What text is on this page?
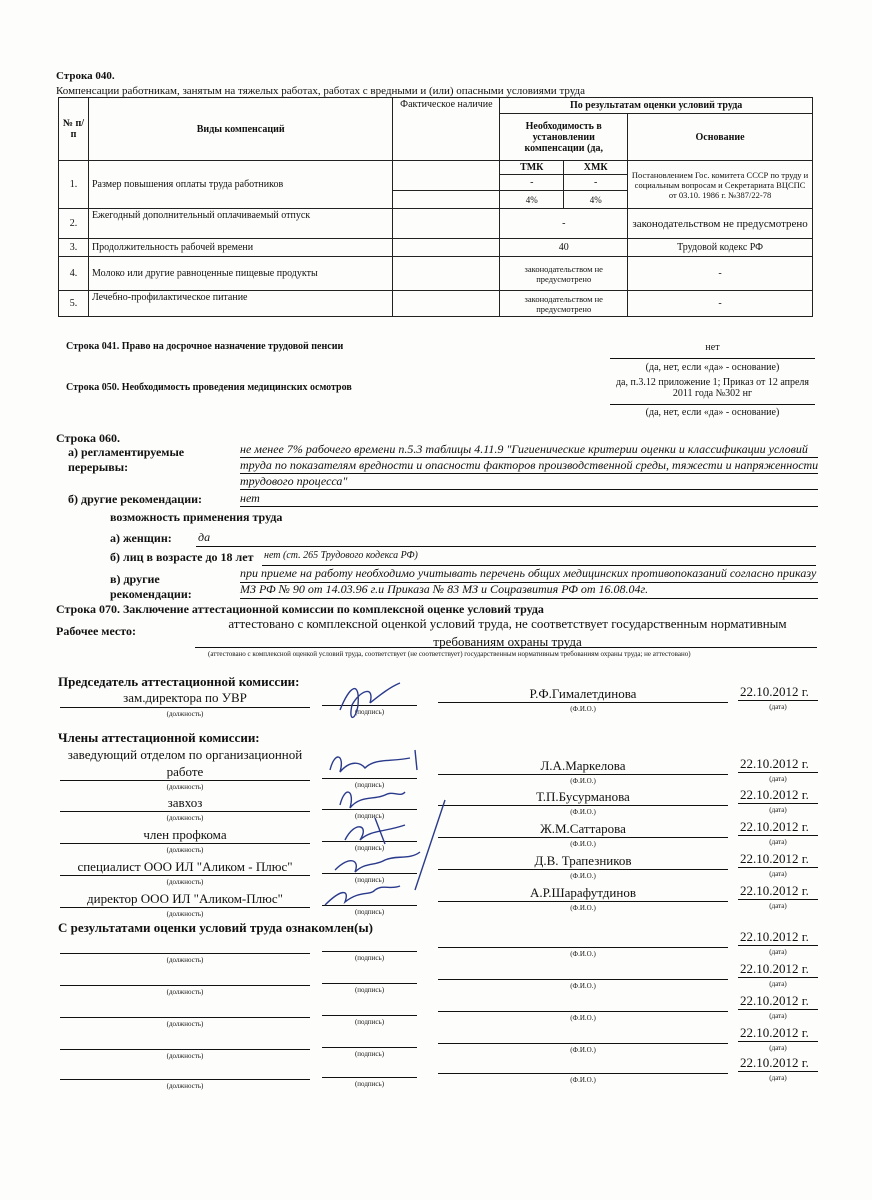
Строка 040.
Компенсации работникам, занятым на тяжелых работах, работах с вредными и (или) опасными условиями труда
№ п/п	Виды компенсаций	Фактическое наличие	По результатам оценки условий труда		
			Необходимость в установлении компенсации (да,		Основание

1.	Размер повышения оплаты труда работников		ТМК	ХМК	Постановлением Гос. комитета СССР по труду и социальным вопросам и Секретариата ВЦСПС от 03.10. 1986 г. №387/22-78
			-	-	
			4%	4%	
2.	Ежегодный дополнительный оплачиваемый отпуск		-		законодательством не предусмотрено
3.	Продолжительность рабочей времени		40		Трудовой кодекс РФ
4.	Молоко или другие равноценные пищевые продукты		законодательством не предусмотрено		-
5.	Лечебно-профилактическое питание		законодательством не предусмотрено		-
Строка 041. Право на досрочное назначение трудовой пенсии	нет
(да, нет, если «да» - основание)
Строка 050. Необходимость проведения медицинских осмотров	да, п.3.12 приложение 1; Приказ от 12 апреля 2011 года №302 нг
(да, нет, если «да» - основание)
Строка 060.
а) регламентируемые перерывы:
не менее 7% рабочего времени п.5.3 таблицы 4.11.9 "Гигиенические критерии оценки и классификации условий труда по показателям вредности и опасности факторов производственной среды, тяжести и напряженности трудового процесса"
б) другие рекомендации:	нет
возможность применения труда
а) женщин: да
б) лиц в возрасте до 18 лет нет (ст. 265 Трудового кодекса РФ)
в) другие рекомендации:
при приеме на работу необходимо учитывать перечень общих медицинских противопоказаний согласно приказу МЗ РФ № 90 от 14.03.96 г.и Приказа № 83 МЗ и Соцразвития РФ от 16.08.04г.
Строка 070. Заключение аттестационной комиссии по комплексной оценке условий труда
Рабочее место:	аттестовано с комплексной оценкой условий труда, не соответствует государственным нормативным требованиям охраны труда
(аттестовано с комплексной оценкой условий труда, соответствует (не соответствует) государственным нормативным требованиям охраны труда; не аттестовано)
Председатель аттестационной комиссии:
зам.директора по УВР
(должность)	(подпись)
Р.Ф.Гималетдинова
(Ф.И.О.)
22.10.2012 г.
(дата)
Члены аттестационной комиссии:
заведующий отделом по организационной работе
(должность)	(подпись)
Л.А.Маркелова
(Ф.И.О.)
22.10.2012 г.
(дата)
завхоз
(должность)	(подпись)
Т.П.Бусурманова
(Ф.И.О.)
22.10.2012 г.
(дата)
член профкома
(должность)	(подпись)
Ж.М.Саттарова
(Ф.И.О.)
22.10.2012 г.
(дата)
специалист ООО ИЛ "Аликом - Плюс"
(должность)	(подпись)
Д.В. Трапезников
(Ф.И.О.)
22.10.2012 г.
(дата)
директор ООО ИЛ "Аликом-Плюс"
(должность)	(подпись)
А.Р.Шарафутдинов
(Ф.И.О.)
22.10.2012 г.
(дата)
С результатами оценки условий труда ознакомлен(ы)
(должность)	(подпись)	(Ф.И.О.)
22.10.2012 г.
(дата)
(должность)	(подпись)	(Ф.И.О.)
22.10.2012 г.
(дата)
(должность)	(подпись)	(Ф.И.О.)
22.10.2012 г.
(дата)
(должность)	(подпись)	(Ф.И.О.)
22.10.2012 г.
(дата)
(должность)	(подпись)	(Ф.И.О.)
22.10.2012 г.
(дата)
